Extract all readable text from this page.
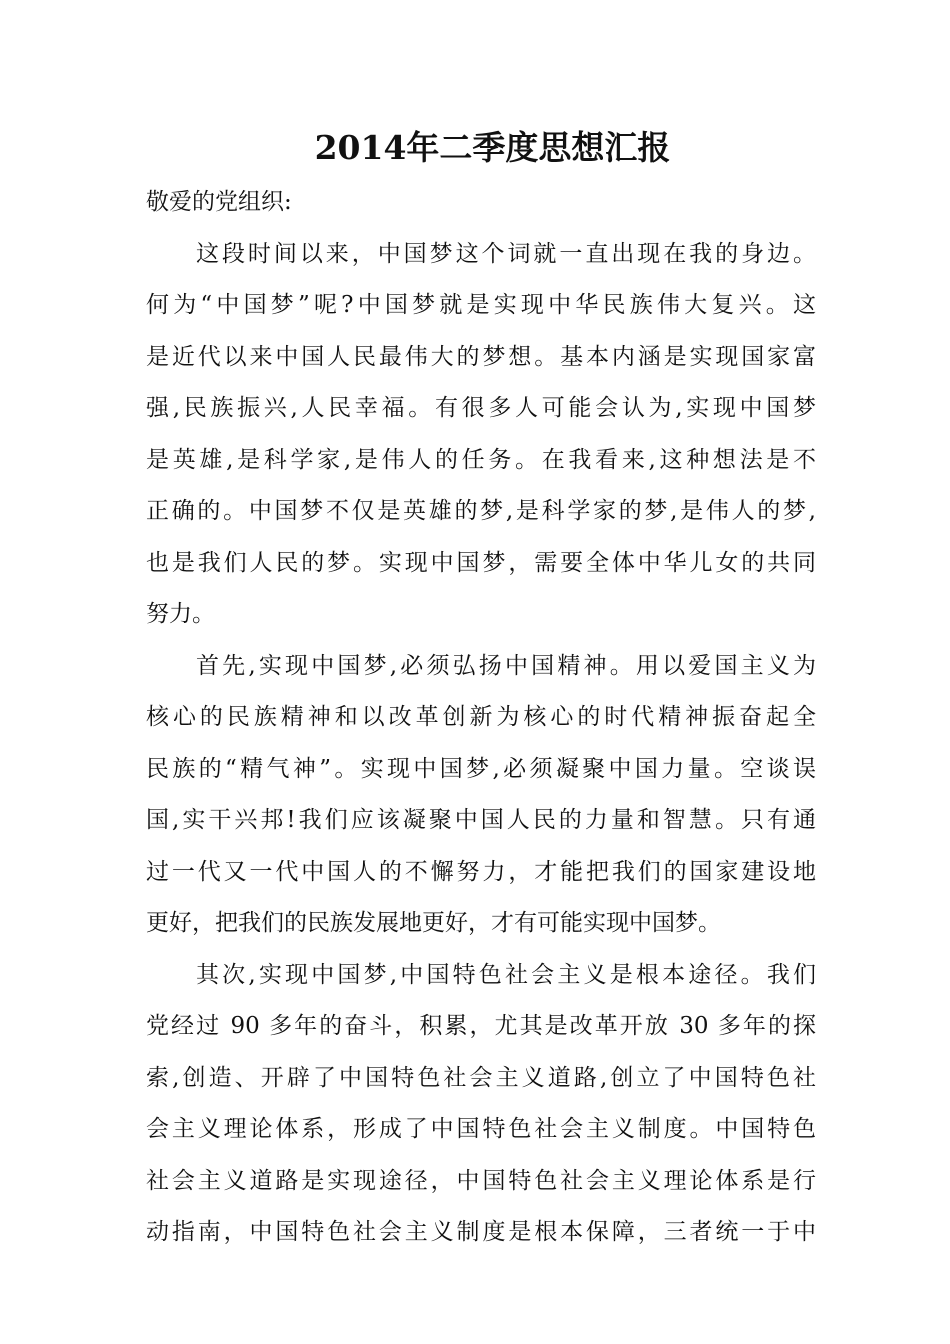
2014年二季度思想汇报
敬爱的党组织:
这段时间以来，中国梦这个词就一直出现在我的身边。
何为“中国梦”呢?中国梦就是实现中华民族伟大复兴。这
是近代以来中国人民最伟大的梦想。基本内涵是实现国家富
强,民族振兴,人民幸福。有很多人可能会认为,实现中国梦
是英雄,是科学家,是伟人的任务。在我看来,这种想法是不
正确的。中国梦不仅是英雄的梦,是科学家的梦,是伟人的梦,
也是我们人民的梦。实现中国梦，需要全体中华儿女的共同
努力。
首先,实现中国梦,必须弘扬中国精神。用以爱国主义为
核心的民族精神和以改革创新为核心的时代精神振奋起全
民族的“精气神”。实现中国梦,必须凝聚中国力量。空谈误
国,实干兴邦!我们应该凝聚中国人民的力量和智慧。只有通
过一代又一代中国人的不懈努力，才能把我们的国家建设地
更好，把我们的民族发展地更好，才有可能实现中国梦。
其次,实现中国梦,中国特色社会主义是根本途径。我们
党经过 90 多年的奋斗，积累，尤其是改革开放 30 多年的探
索,创造、开辟了中国特色社会主义道路,创立了中国特色社
会主义理论体系，形成了中国特色社会主义制度。中国特色
社会主义道路是实现途径，中国特色社会主义理论体系是行
动指南，中国特色社会主义制度是根本保障，三者统一于中
